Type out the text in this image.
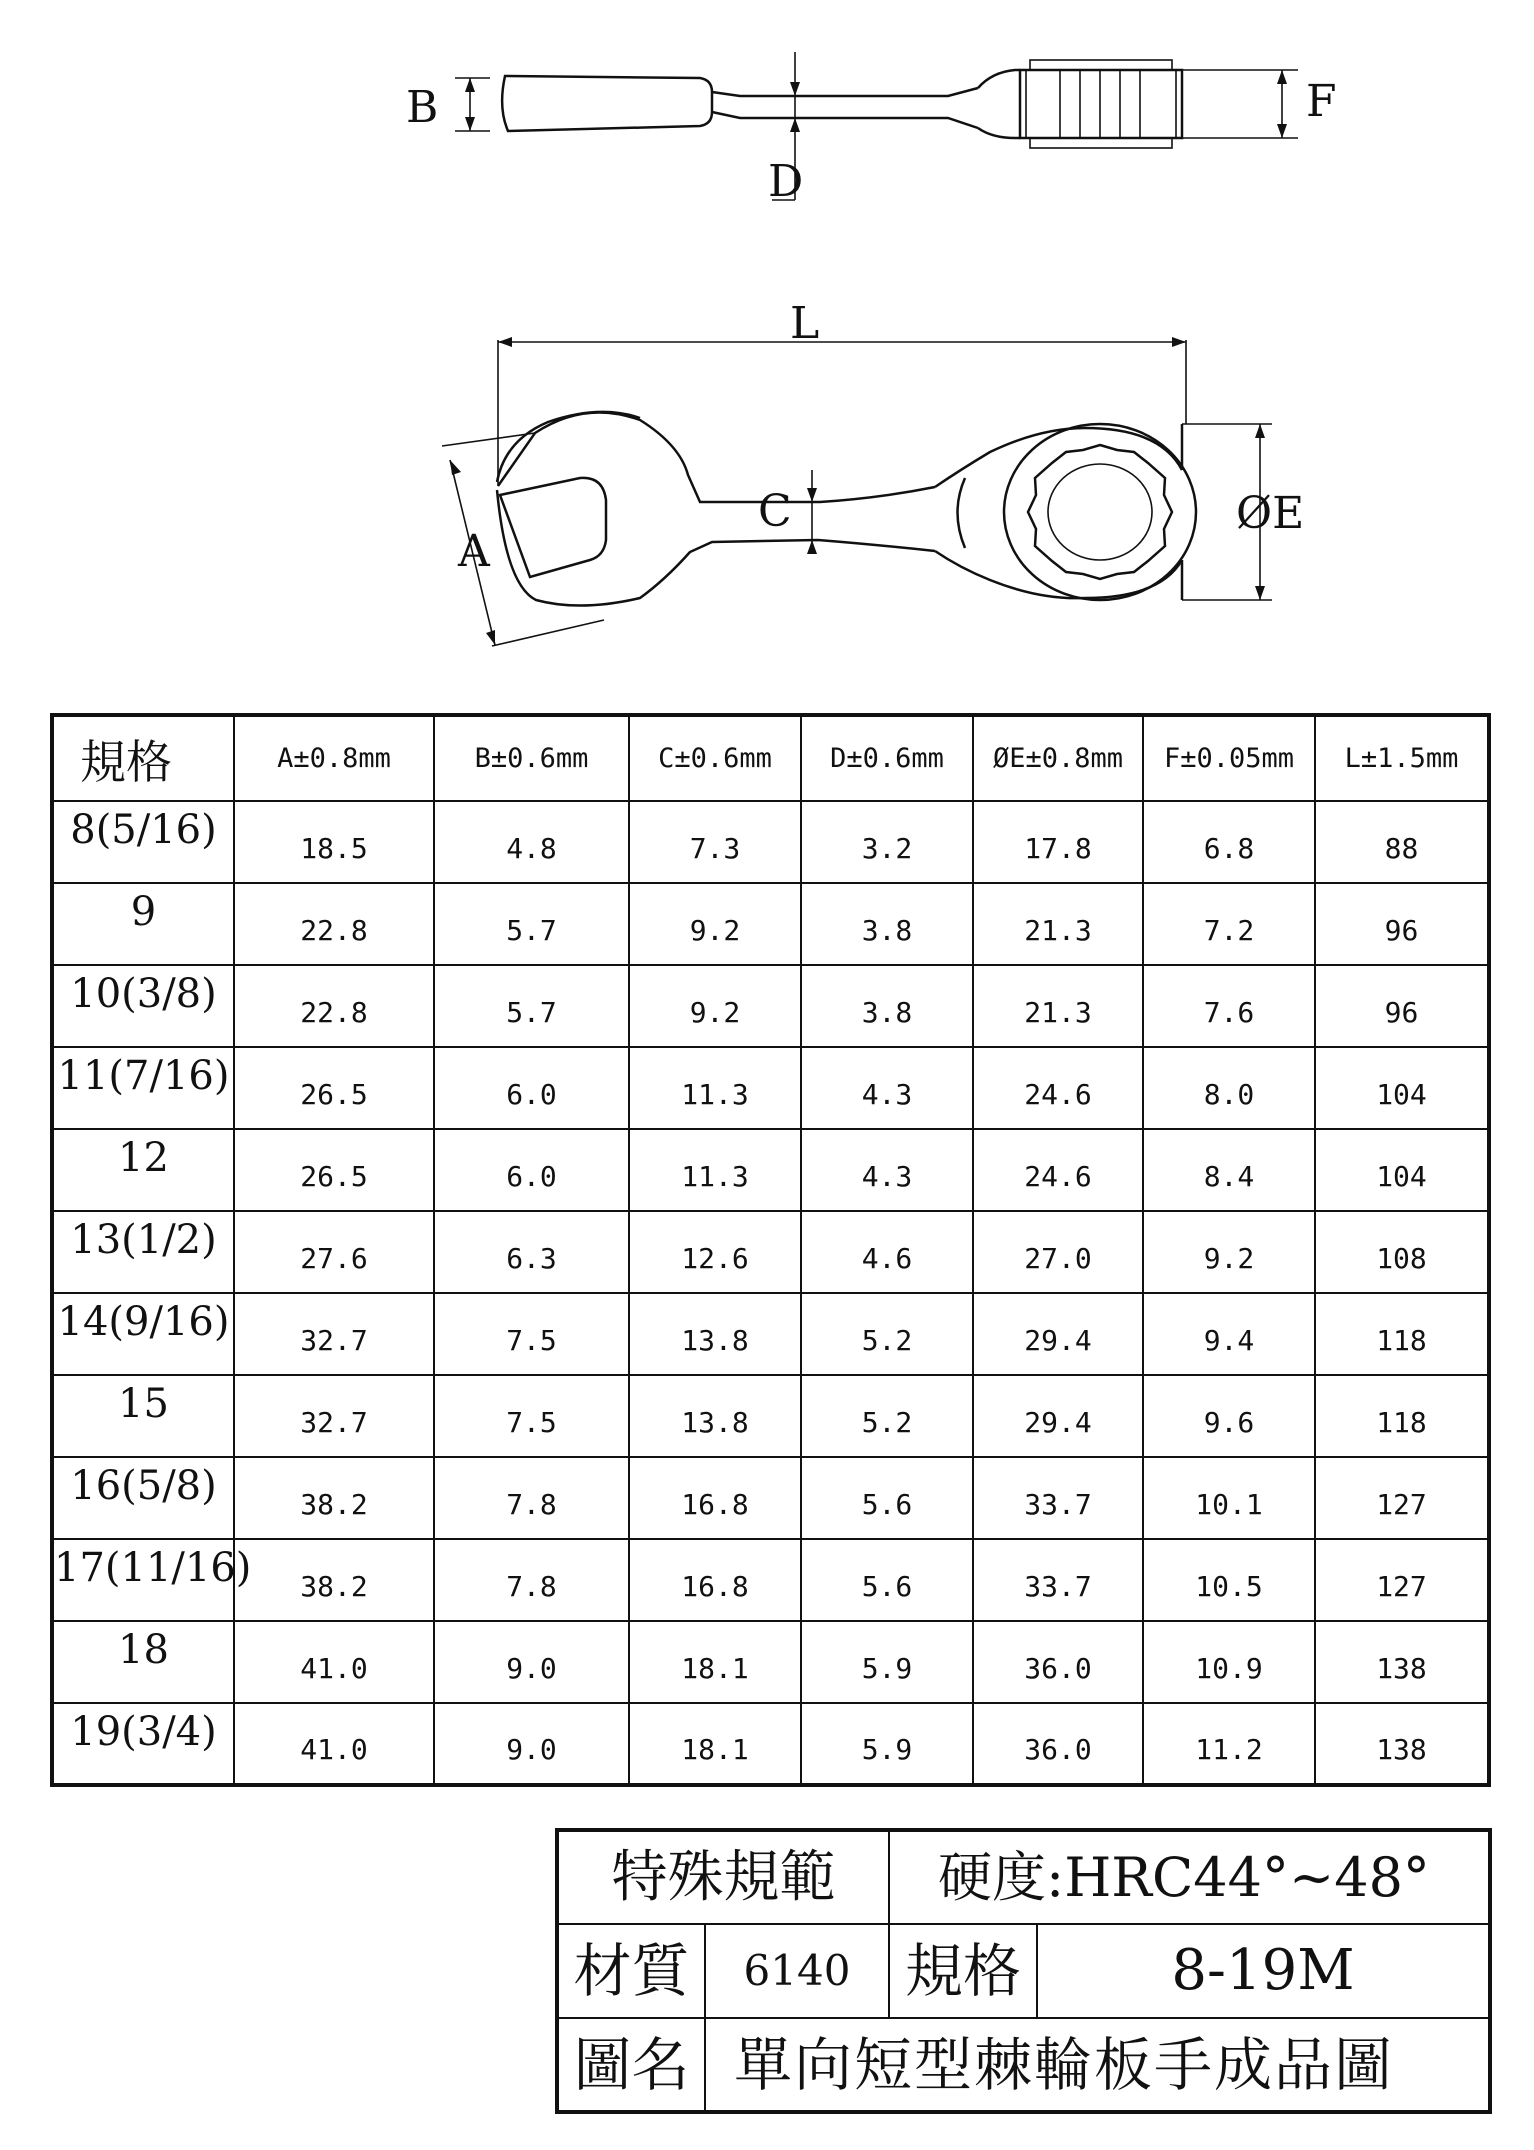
B
D
F
L
A
C	ØE
規格	A±0.8mm	B±0.6mm	C±0.6mm	D±0.6mm	ØE±0.8mm	F±0.05mm	L±1.5mm
8(5/16)	18.5	4.8	7.3	3.2	17.8	6.8	88
9	22.8	5.7	9.2	3.8	21.3	7.2	96
10(3/8)	22.8	5.7	9.2	3.8	21.3	7.6	96
11(7/16)	26.5	6.0	11.3	4.3	24.6	8.0	104
12	26.5	6.0	11.3	4.3	24.6	8.4	104
13(1/2)	27.6	6.3	12.6	4.6	27.0	9.2	108
14(9/16)	32.7	7.5	13.8	5.2	29.4	9.4	118
15	32.7	7.5	13.8	5.2	29.4	9.6	118
16(5/8)	38.2	7.8	16.8	5.6	33.7	10.1	127
17(11/16)	38.2	7.8	16.8	5.6	33.7	10.5	127
18	41.0	9.0	18.1	5.9	36.0	10.9	138
19(3/4)	41.0	9.0	18.1	5.9	36.0	11.2	138
特殊規範		硬度:HRC44°~48°	
材質	6140	規格	8-19M
圖名	單向短型棘輪板手成品圖		
